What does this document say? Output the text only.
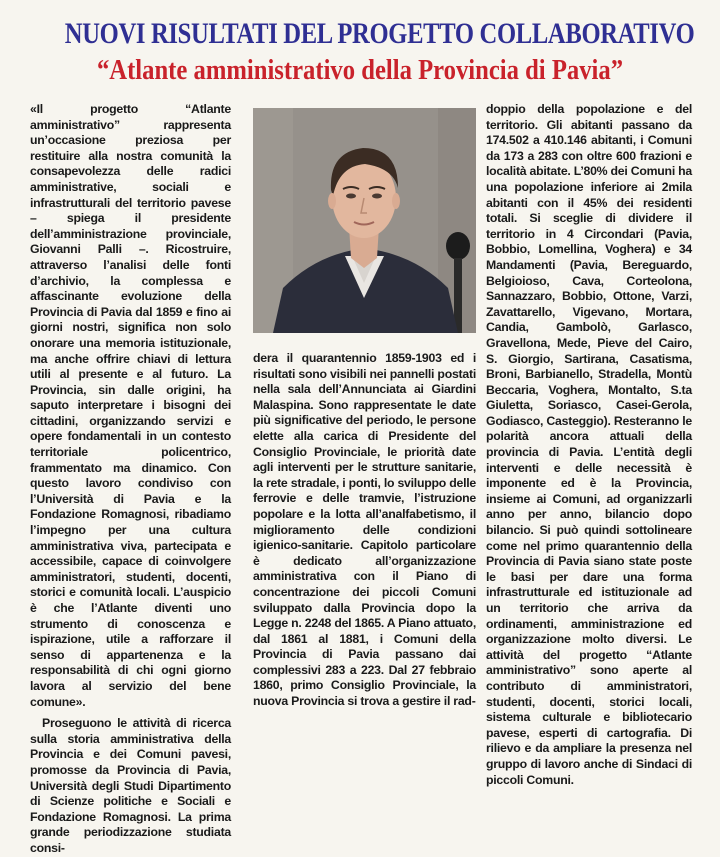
NUOVI RISULTATI DEL PROGETTO COLLABORATIVO
“Atlante amministrativo della Provincia di Pavia”

«Il progetto “Atlante amministrativo” rappresenta un’occasione preziosa per restituire alla nostra comunità la consapevolezza delle radici amministrative, sociali e infrastrutturali del territorio pavese – spiega il presidente dell’amministrazione provinciale, Giovanni Palli –. Ricostruire, attraverso l’analisi delle fonti d’archivio, la complessa e affascinante evoluzione della Provincia di Pavia dal 1859 e fino ai giorni nostri, significa non solo onorare una memoria istituzionale, ma anche offrire chiavi di lettura utili al presente e al futuro. La Provincia, sin dalle origini, ha saputo interpretare i bisogni dei cittadini, organizzando servizi e opere fondamentali in un contesto territoriale policentrico, frammentato ma dinamico. Con questo lavoro condiviso con l’Università di Pavia e la Fondazione Romagnosi, ribadiamo l’impegno per una cultura amministrativa viva, partecipata e accessibile, capace di coinvolgere amministratori, studenti, docenti, storici e comunità locali. L’auspicio è che l’Atlante diventi uno strumento di conoscenza e ispirazione, utile a rafforzare il senso di appartenenza e la responsabilità di chi ogni giorno lavora al servizio del bene comune».

Proseguono le attività di ricerca sulla storia amministrativa della Provincia e dei Comuni pavesi, promosse da Provincia di Pavia, Università degli Studi Dipartimento di Scienze politiche e Sociali e Fondazione Romagnosi. La prima grande periodizzazione studiata consi-

dera il quarantennio 1859-1903 ed i risultati sono visibili nei pannelli postati nella sala dell’Annunciata ai Giardini Malaspina. Sono rappresentate le date più significative del periodo, le persone elette alla carica di Presidente del Consiglio Provinciale, le priorità date agli interventi per le strutture sanitarie, la rete stradale, i ponti, lo sviluppo delle ferrovie e delle tramvie, l’istruzione popolare e la lotta all’analfabetismo, il miglioramento delle condizioni igienico-sanitarie. Capitolo particolare è dedicato all’organizzazione amministrativa con il Piano di concentrazione dei piccoli Comuni sviluppato dalla Provincia dopo la Legge n. 2248 del 1865. A Piano attuato, dal 1861 al 1881, i Comuni della Provincia di Pavia passano dai complessivi 283 a 223. Dal 27 febbraio 1860, primo Consiglio Provinciale, la nuova Provincia si trova a gestire il rad-

doppio della popolazione e del territorio. Gli abitanti passano da 174.502 a 410.146 abitanti, i Comuni da 173 a 283 con oltre 600 frazioni e località abitate. L’80% dei Comuni ha una popolazione inferiore ai 2mila abitanti con il 45% dei residenti totali. Si sceglie di dividere il territorio in 4 Circondari (Pavia, Bobbio, Lomellina, Voghera) e 34 Mandamenti (Pavia, Bereguardo, Belgioioso, Cava, Corteolona, Sannazzaro, Bobbio, Ottone, Varzi, Zavattarello, Vigevano, Mortara, Candia, Gambolò, Garlasco, Gravellona, Mede, Pieve del Cairo, S. Giorgio, Sartirana, Casatisma, Broni, Barbianello, Stradella, Montù Beccaria, Voghera, Montalto, S.ta Giuletta, Soriasco, Casei-Gerola, Godiasco, Casteggio). Resteranno le polarità ancora attuali della provincia di Pavia. L’entità degli interventi e delle necessità è imponente ed è la Provincia, insieme ai Comuni, ad organizzarli anno per anno, bilancio dopo bilancio. Si può quindi sottolineare come nel primo quarantennio della Provincia di Pavia siano state poste le basi per dare una forma infrastrutturale ed istituzionale ad un territorio che arriva da ordinamenti, amministrazione ed organizzazione molto diversi. Le attività del progetto “Atlante amministrativo” sono aperte al contributo di amministratori, studenti, docenti, storici locali, sistema culturale e bibliotecario pavese, esperti di cartografia. Di rilievo e da ampliare la presenza nel gruppo di lavoro anche di Sindaci di piccoli Comuni.
